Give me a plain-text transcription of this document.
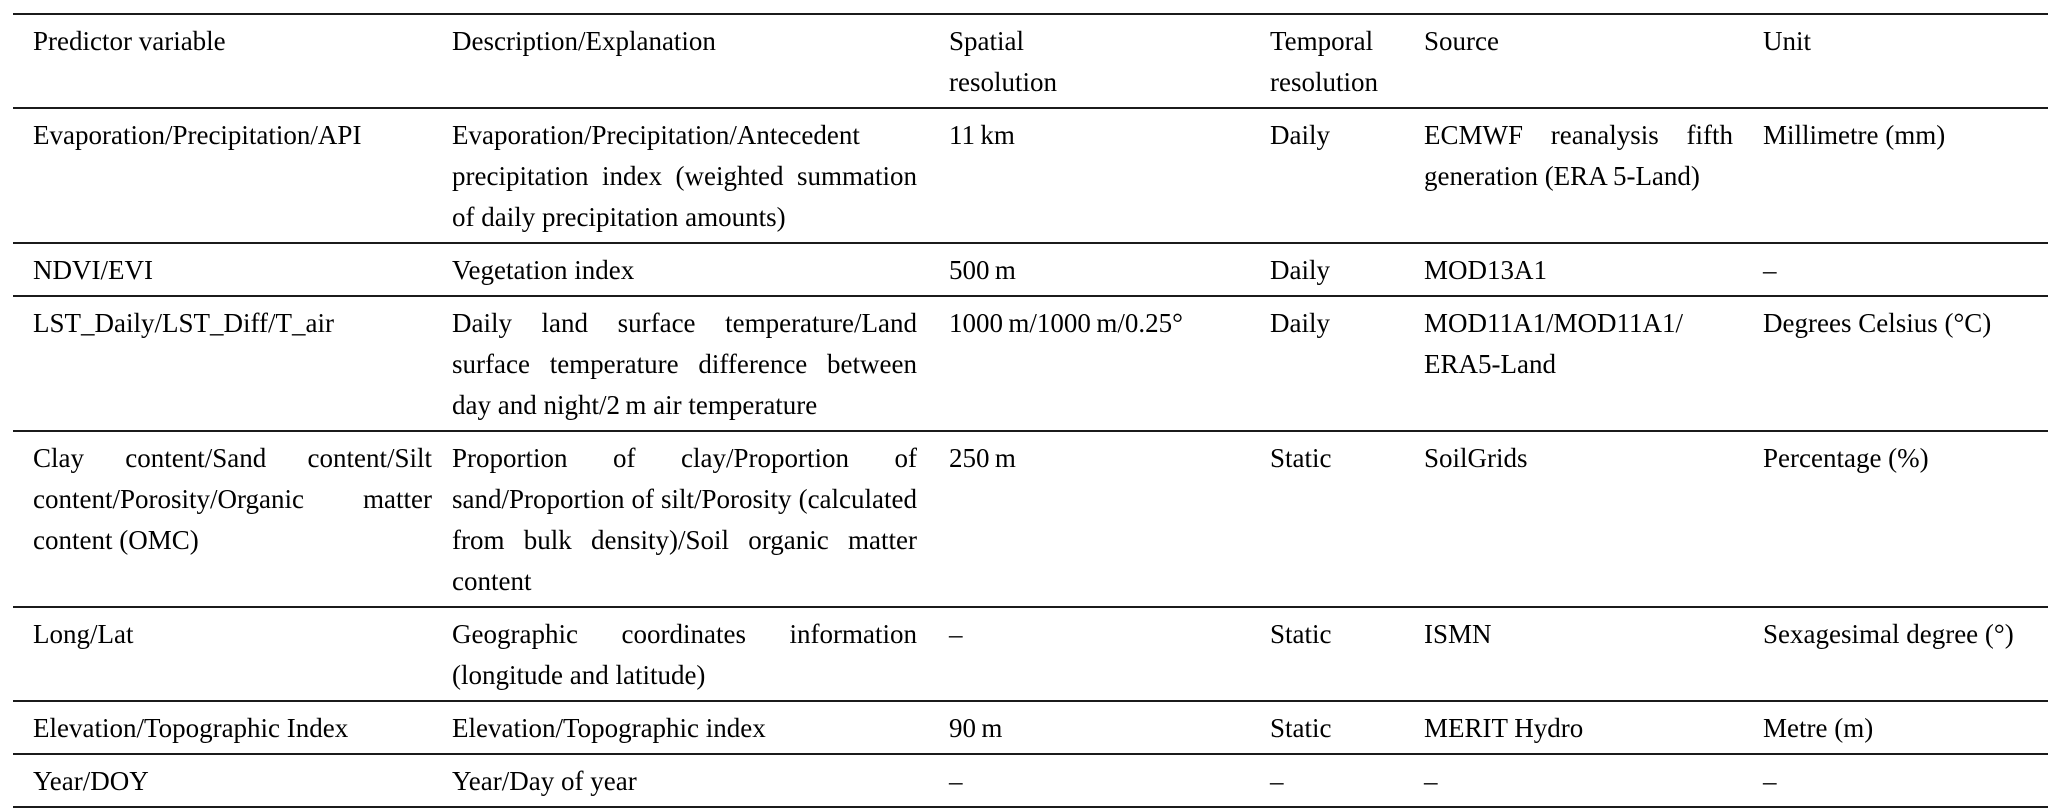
Predictor variable	Description/Explanation	Spatial resolution	Temporal resolution	Source	Unit
Evaporation/Precipitation/API	Evaporation/Precipitation/Antecedent precipitation index (weighted summation of daily precipitation amounts)	11 km	Daily	ECMWF reanalysis fifth generation (ERA 5-Land)	Millimetre (mm)
NDVI/EVI	Vegetation index	500 m	Daily	MOD13A1	–
LST_Daily/LST_Diff/T_air	Daily land surface temperature/Land surface temperature difference between day and night/2 m air temperature	1000 m/1000 m/0.25°	Daily	MOD11A1/MOD11A1/​ERA5-Land	Degrees Celsius (°C)
Clay content/Sand content/Silt content/Porosity/Organic matter content (OMC)	Proportion of clay/Proportion of sand/Proportion of silt/Porosity (calculated from bulk density)/Soil organic matter content	250 m	Static	SoilGrids	Percentage (%)
Long/Lat	Geographic coordinates information (longitude and latitude)	–	Static	ISMN	Sexagesimal degree (°)
Elevation/Topographic Index	Elevation/Topographic index	90 m	Static	MERIT Hydro	Metre (m)
Year/DOY	Year/Day of year	–	–	–	–
